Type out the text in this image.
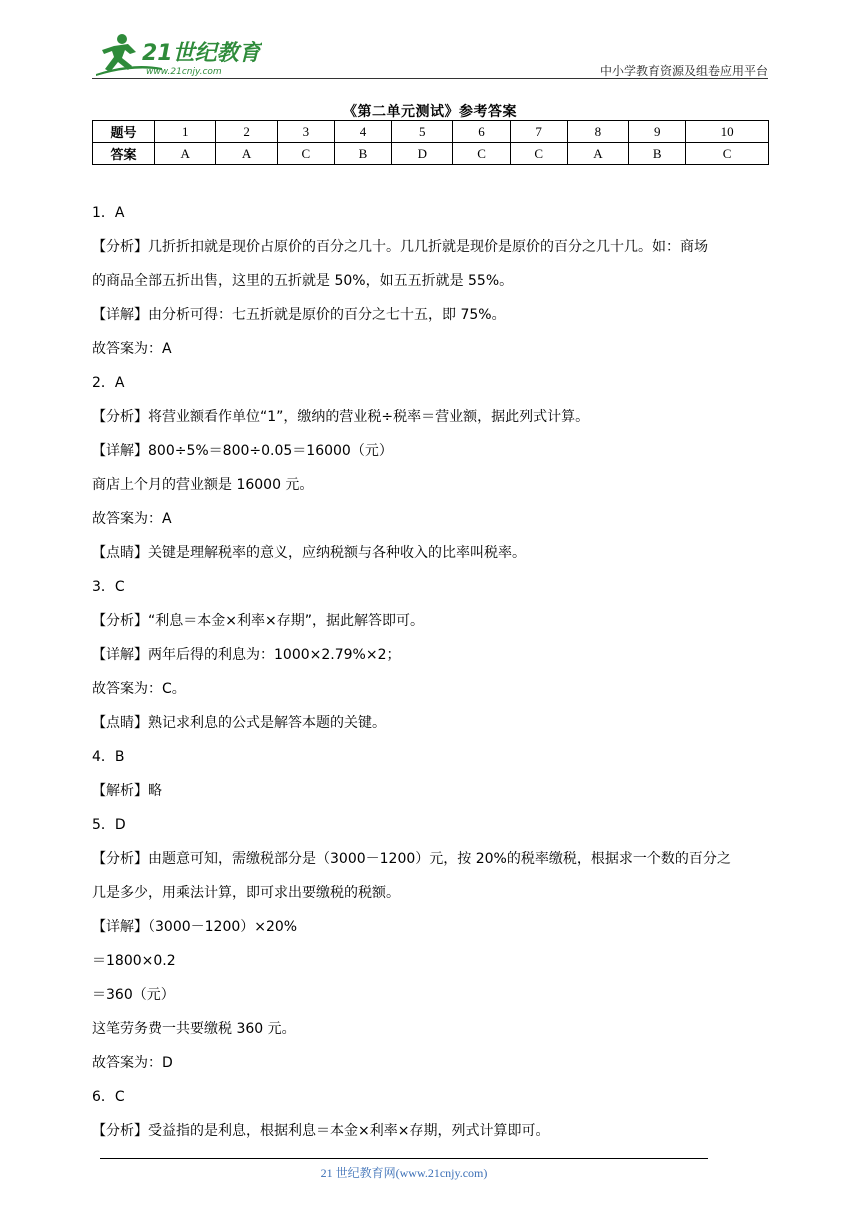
21世纪教育
www.21cnjy.com	中小学教育资源及组卷应用平台
《第二单元测试》参考答案
题号	1	2	3	4	5	6	7	8	9	10
答案	A	A	C	B	D	C	C	A	B	C
1．A
【分析】几折折扣就是现价占原价的百分之几十。几几折就是现价是原价的百分之几十几。如：商场
的商品全部五折出售，这里的五折就是 50%，如五五折就是 55%。
【详解】由分析可得：七五折就是原价的百分之七十五，即 75%。
故答案为：A
2．A
【分析】将营业额看作单位“1”，缴纳的营业税÷税率＝营业额，据此列式计算。
【详解】800÷5%＝800÷0.05＝16000（元）
商店上个月的营业额是 16000 元。
故答案为：A
【点睛】关键是理解税率的意义，应纳税额与各种收入的比率叫税率。
3．C
【分析】“利息＝本金×利率×存期”，据此解答即可。
【详解】两年后得的利息为：1000×2.79%×2；
故答案为：C。
【点睛】熟记求利息的公式是解答本题的关键。
4．B
【解析】略
5．D
【分析】由题意可知，需缴税部分是（3000－1200）元，按 20%的税率缴税，根据求一个数的百分之
几是多少，用乘法计算，即可求出要缴税的税额。
【详解】（3000－1200）×20%
＝1800×0.2
＝360（元）
这笔劳务费一共要缴税 360 元。
故答案为：D
6．C
【分析】受益指的是利息，根据利息＝本金×利率×存期，列式计算即可。
21 世纪教育网(www.21cnjy.com)
